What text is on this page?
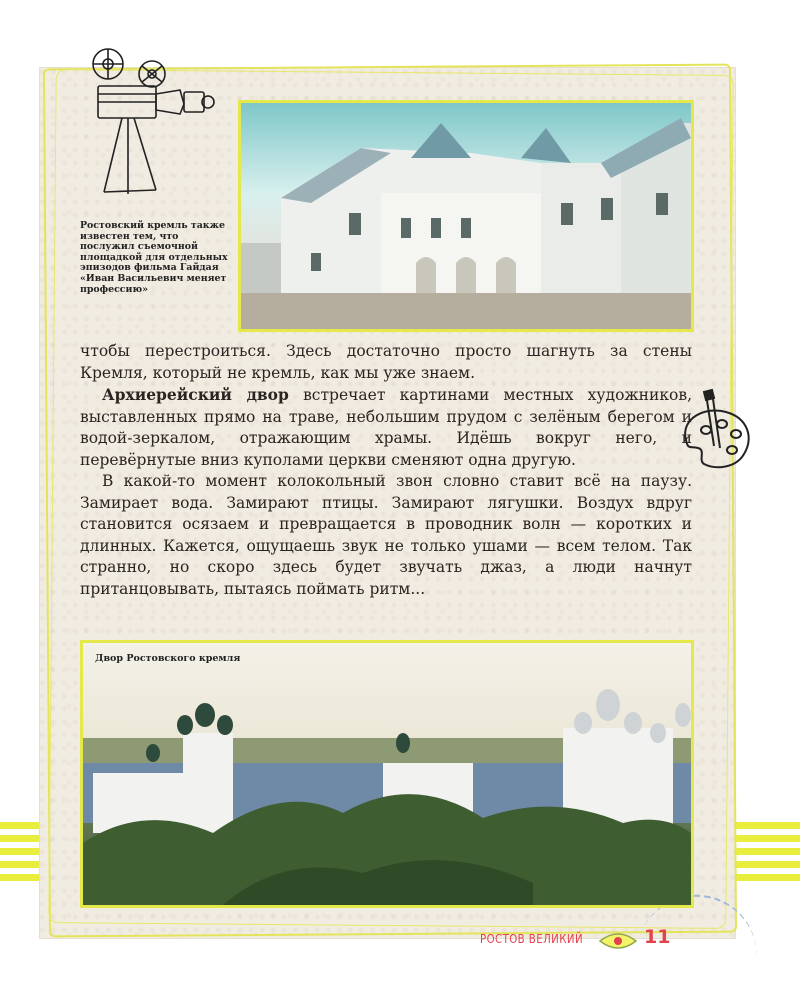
Ростовский кремль также известен тем, что послужил съемочной площадкой для отдельных эпизодов фильма Гайдая «Иван Васильевич меняет профессию»

чтобы перестроиться. Здесь достаточно просто шагнуть за стены Кремля, который не кремль, как мы уже знаем.

Архиерейский двор встречает картинами местных художников, выставленных прямо на траве, небольшим прудом с зелёным берегом и водой-зеркалом, отражающим храмы. Идёшь вокруг него, и перевёрнутые вниз куполами церкви сменяют одна другую.

В какой-то момент колокольный звон словно ставит всё на паузу. Замирает вода. Замирают птицы. Замирают лягушки. Воздух вдруг становится осязаем и превращается в проводник волн — коротких и длинных. Кажется, ощущаешь звук не только ушами — всем телом. Так странно, но скоро здесь будет звучать джаз, а люди начнут пританцовывать, пытаясь поймать ритм...

Двор Ростовского кремля
РОСТОВ ВЕЛИКИЙ	11
